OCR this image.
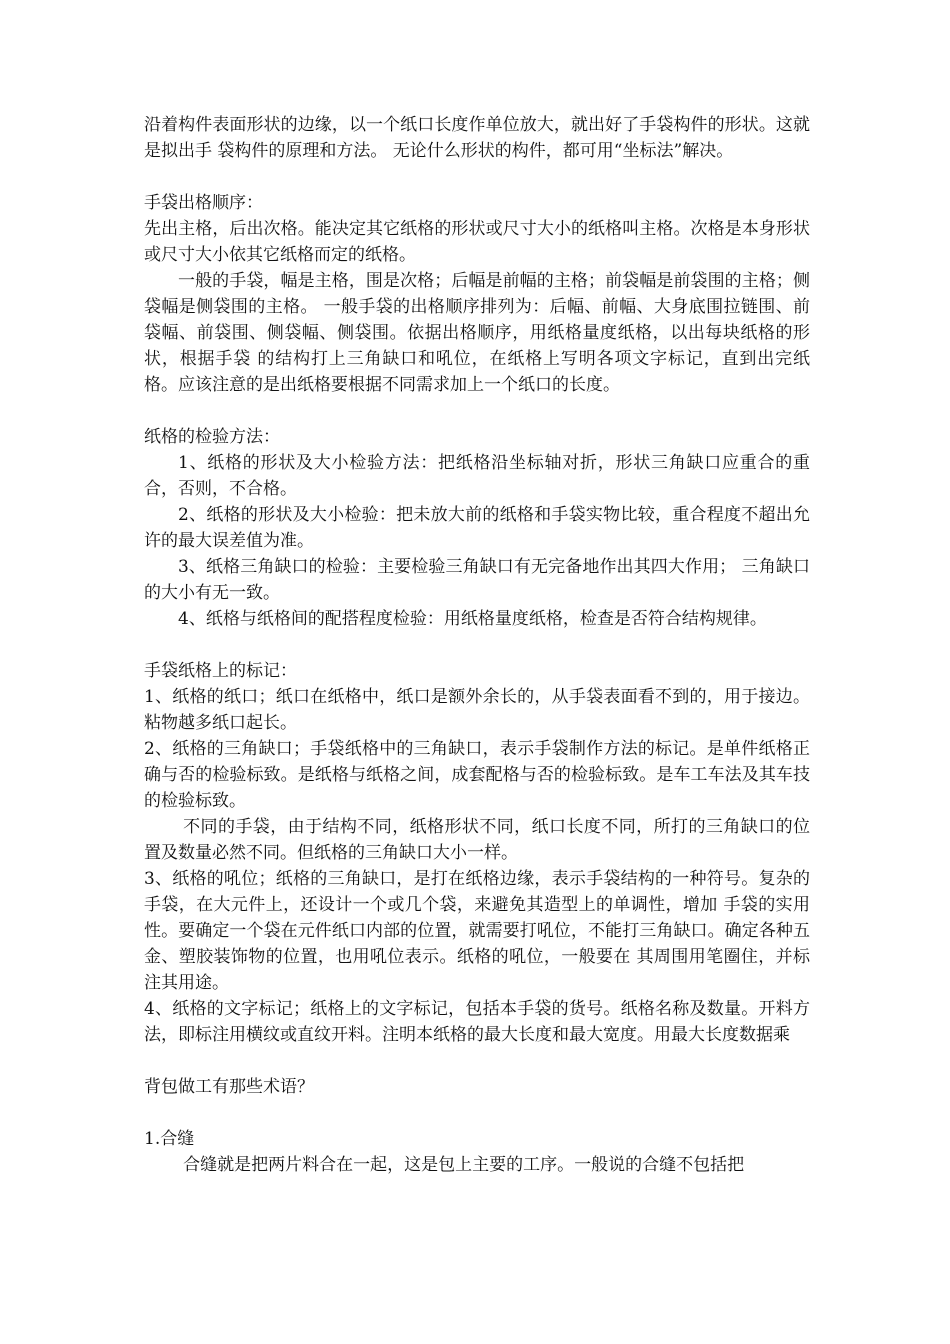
沿着构件表面形状的边缘，以一个纸口长度作单位放大，就出好了手袋构件的形状。这就是拟出手 袋构件的原理和方法。 无论什么形状的构件，都可用“坐标法”解决。

手袋出格顺序：

先出主格，后出次格。能决定其它纸格的形状或尺寸大小的纸格叫主格。次格是本身形状或尺寸大小依其它纸格而定的纸格。

一般的手袋，幅是主格，围是次格；后幅是前幅的主格；前袋幅是前袋围的主格；侧袋幅是侧袋围的主格。 一般手袋的出格顺序排列为：后幅、前幅、大身底围拉链围、前袋幅、前袋围、侧袋幅、侧袋围。依据出格顺序，用纸格量度纸格，以出每块纸格的形状，根据手袋 的结构打上三角缺口和吼位，在纸格上写明各项文字标记，直到出完纸格。应该注意的是出纸格要根据不同需求加上一个纸口的长度。

纸格的检验方法：

1、纸格的形状及大小检验方法：把纸格沿坐标轴对折，形状三角缺口应重合的重合，否则，不合格。

2、纸格的形状及大小检验：把未放大前的纸格和手袋实物比较，重合程度不超出允许的最大误差值为准。

3、纸格三角缺口的检验：主要检验三角缺口有无完备地作出其四大作用； 三角缺口的大小有无一致。

4、纸格与纸格间的配搭程度检验：用纸格量度纸格，检查是否符合结构规律。

手袋纸格上的标记：

1、纸格的纸口；纸口在纸格中，纸口是额外余长的，从手袋表面看不到的，用于接边。粘物越多纸口起长。

2、纸格的三角缺口；手袋纸格中的三角缺口，表示手袋制作方法的标记。是单件纸格正确与否的检验标致。是纸格与纸格之间，成套配格与否的检验标致。是车工车法及其车技的检验标致。

不同的手袋，由于结构不同，纸格形状不同，纸口长度不同，所打的三角缺口的位置及数量必然不同。但纸格的三角缺口大小一样。

3、纸格的吼位；纸格的三角缺口，是打在纸格边缘，表示手袋结构的一种符号。复杂的手袋，在大元件上，还设计一个或几个袋，来避免其造型上的单调性，增加 手袋的实用性。要确定一个袋在元件纸口内部的位置，就需要打吼位，不能打三角缺口。确定各种五金、塑胶装饰物的位置，也用吼位表示。纸格的吼位，一般要在 其周围用笔圈住，并标注其用途。

4、纸格的文字标记；纸格上的文字标记，包括本手袋的货号。纸格名称及数量。开料方法，即标注用横纹或直纹开料。注明本纸格的最大长度和最大宽度。用最大长度数据乘

背包做工有那些术语？

1.合缝

合缝就是把两片料合在一起，这是包上主要的工序。一般说的合缝不包括把
